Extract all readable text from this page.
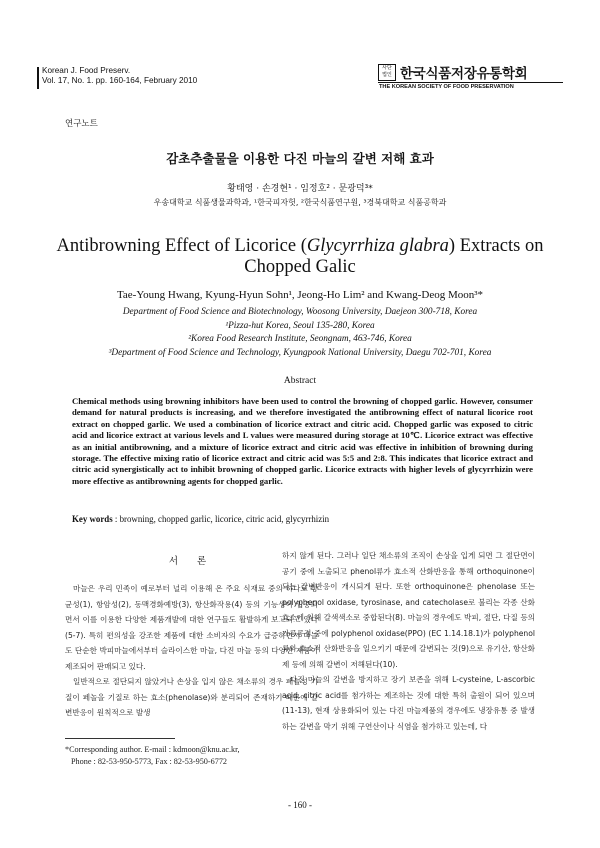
Korean J. Food Preserv.
Vol. 17, No. 1. pp. 160-164, February 2010
사단 법인 한국식품저장유통학회
THE KOREAN SOCIETY OF FOOD PRESERVATION
연구노트
감초추출물을 이용한 다진 마늘의 갈변 저해 효과
황태영 · 손경현¹ · 임정호² · 문광덕³*
우송대학교 식품생물과학과, ¹한국피자헛, ²한국식품연구원, ³경북대학교 식품공학과
Antibrowning Effect of Licorice (Glycyrrhiza glabra) Extracts on
Chopped Galic
Tae-Young Hwang, Kyung-Hyun Sohn¹, Jeong-Ho Lim² and Kwang-Deog Moon³*
Department of Food Science and Biotechnology, Woosong University, Daejeon 300-718, Korea
¹Pizza-hut Korea, Seoul 135-280, Korea
²Korea Food Research Institute, Seongnam, 463-746, Korea
³Department of Food Science and Technology, Kyungpook National University, Daegu 702-701, Korea
Abstract
Chemical methods using browning inhibitors have been used to control the browning of chopped garlic. However, consumer demand for natural products is increasing, and we therefore investigated the antibrowning effect of natural licorice root extract on chopped garlic. We used a combination of licorice extract and citric acid. Chopped garlic was exposed to citric acid and licorice extract at various levels and L values were measured during storage at 10℃. Licorice extract was effective as an initial antibrowning, and a mixture of licorice extract and citric acid was effective in inhibition of browning during storage. The effective mixing ratio of licorice extract and citric acid was 5:5 and 2:8. This indicates that licorice extract and citric acid synergistically act to inhibit browning of chopped garlic. Licorice extracts with higher levels of glycyrrhizin were more effective as antibrowning agents for chopped garlic.
Key words : browning, chopped garlic, licorice, citric acid, glycyrrhizin
서 론

마늘은 우리 민족이 예로부터 널리 이용해 온 주요 식재료 중의 하나로 항균성(1), 항암성(2), 동맥경화예방(3), 항산화작용(4) 등의 기능성이 입증되면서 이를 이용한 다양한 제품개발에 대한 연구들도 활발하게 보고되고 있다(5-7). 특히 편의성을 강조한 제품에 대한 소비자의 수요가 급증하면서 마늘도 단순한 박피마늘에서부터 슬라이스한 마늘, 다진 마늘 등의 다양한 제품이 제조되어 판매되고 있다.

일반적으로 절단되지 않았거나 손상을 입지 않은 채소류의 경우 폐놀성 기질이 페놀을 기질로 하는 효소(phenolase)와 분리되어 존재하기 때문에 갈변반응이 원칙적으로 발생

하지 않게 된다. 그러나 일단 채소류의 조직이 손상을 입게 되면 그 절단면이 공기 중에 노출되고 phenol류가 효소적 산화반응을 통해 orthoquinone이 되는 갈변반응이 개시되게 된다. 또한 orthoquinone은 phenolase 또는 polyphenol oxidase, tyrosinase, and catecholase로 불리는 각종 산화 효소에 의해 갈색색소로 중합된다(8). 마늘의 경우에도 박피, 절단, 다질 등의 가공공정 중에 polyphenol oxidase(PPO) (EC 1.14.18.1)가 polyphenol류와 효소적 산화반응을 일으키기 때문에 갈변되는 것(9)으로 유기산, 항산화제 등에 의해 갈변이 저해된다(10).

다진 마늘의 갈변을 방지하고 장기 보존을 위해 L-cysteine, L-ascorbic acid, citric acid를 첨가하는 제조하는 것에 대한 특허 출원이 되어 있으며(11-13), 현재 상용화되어 있는 다진 마늘제품의 경우에도 냉장유통 중 발생하는 갈변을 막기 위해 구연산이나 식염을 첨가하고 있는데, 다

*Corresponding author. E-mail : kdmoon@knu.ac.kr,
Phone : 82-53-950-5773, Fax : 82-53-950-6772
- 160 -
